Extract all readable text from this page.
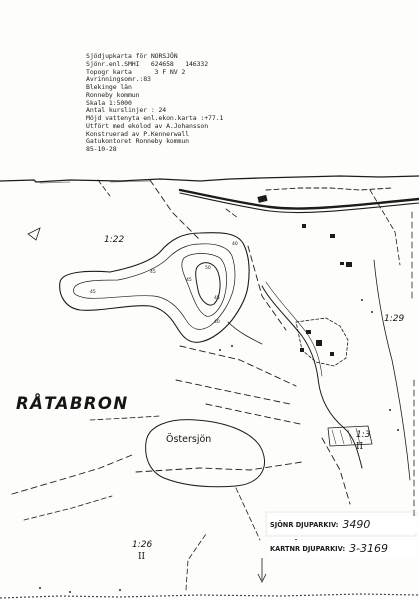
Sjödjupkarta för NORSJÖN
Sjönr.enl.SMHI   624658   146332
Topogr karta      3 F NV 2
Avrinningsomr.:83
Blekinge län
Ronneby kommun
Skala 1:5000
Antal kurslinjer : 24
Möjd vattenyta enl.ekon.karta :+77.1
Utfört med ekolod av A.Johansson
Konstruerad av P.Kennerwall
Gatukontoret Ronneby kommun
85-10-28
1:22
1:29
1:3
II
1:26
II
RÅTABRON
Östersjön
50
40
45
45
45
40
45
SJÖNR DJUPARKIV: 3490
KARTNR DJUPARKIV: 3-3169
